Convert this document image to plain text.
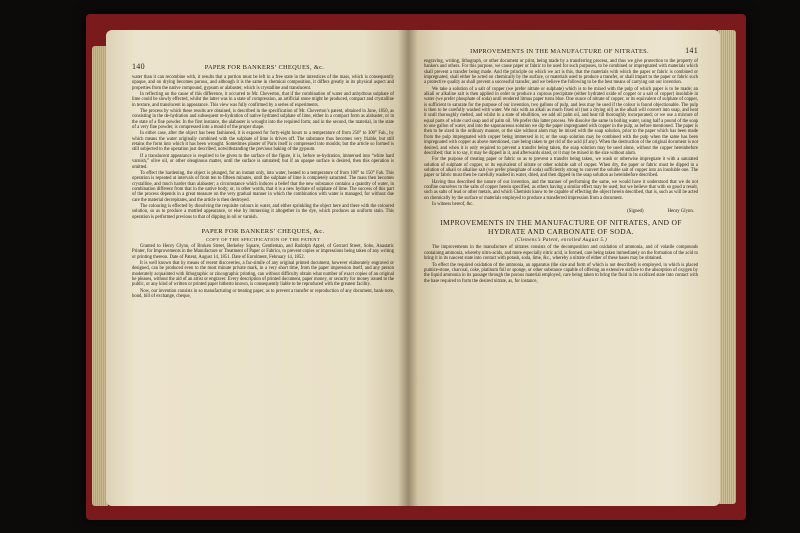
140	PAPER FOR BANKERS’ CHEQUES, &c.

water than it can recombine with, it results that a portion must be left in a free state in the interstices of the mass, which is consequently opaque, and on drying becomes porous, and although it is the same in chemical composition, it differs greatly in its physical aspect and properties from the native compound, gypsum or alabaster, which is crystalline and translucent.

In reflecting on the cause of this difference, it occurred to Mr. Cheverton, that if the combination of water and anhydrous sulphate of lime could be slowly effected, whilst the latter was in a state of compression, an artificial stone might be produced, compact and crystalline in texture, and translucent in appearance. This view was fully confirmed by a series of experiments.

The process by which these results are obtained, is described in the specification of Mr. Cheverton’s patent, obtained in June, 1850, as consisting in the de-hydration and subsequent re-hydration of native hydrated sulphate of lime, either in a compact form as alabaster, or in the state of a fine powder. In the first instance, the alabaster is wrought into the required form; and in the second, the material, in the state of a very fine powder, is compressed into a mould of the proper shape.

In either case, after the object has been fashioned, it is exposed for forty-eight hours to a temperature of from 250° to 300° Fah., by which means the water originally combined with the sulphate of lime is driven off. The substance thus becomes very friable, but still retains the form into which it has been wrought. Sometimes plaster of Paris itself is compressed into moulds; but the article so formed is still subjected to the operation just described, notwithstanding the previous baking of the gypsum.

If a translucent appearance is required to be given to the surface of the figure, it is, before re-hydration, immersed into “white hard varnish,” olive oil, or other oleaginous matter, until the surface is saturated; but if an opaque surface is desired, then this operation is omitted.

To effect the hardening, the object is plunged, for an instant only, into water, heated to a temperature of from 100° to 150° Fah. This operation is repeated at intervals of from ten to fifteen minutes, until the sulphate of lime is completely saturated. The mass then becomes crystalline, and much harder than alabaster; a circumstance which induces a belief that the new substance contains a quantity of water, in combination different from that in the native body; or, in other words, that it is a new hydrate of sulphate of lime. The success of this part of the process depends in a great measure on the very gradual manner in which the combination with water is managed, for without due care the material decrepitates, and the article is then destroyed.

The colouring is effected by dissolving the requisite colours in water, and either sprinkling the object here and there with the coloured solution, so as to produce a mottled appearance, or else by immersing it altogether in the dye, which produces an uniform stain. This operation is performed previous to that of dipping in oil or varnish.

PAPER FOR BANKERS’ CHEQUES, &c.
COPY OF THE SPECIFICATION OF THE PATENT

Granted to Henry Glynn, of Broken Street, Berkeley Square, Gentleman, and Rudolph Appel, of Gerrard Street, Soho, Anastatic Printer, for Improvements in the Manufacture or Treatment of Paper or Fabrics, to prevent copies or impressions being taken of any writing or printing thereon. Date of Patent, August 14, 1851. Date of Enrolment, February 14, 1852.

It is well known that by means of recent discoveries, a fac-simile of any original printed document, however elaborately engraved or designed, can be produced even to the most minute private mark, in a very short time, from the paper impression itself, and any person moderately acquainted with lithographic or zincographic printing, can without difficulty obtain what number of exact copies of an original he pleases, without the aid of an artist or engraver. Every description of printed document, paper money, or security for money issued to the public, or any kind of written or printed paper hitherto known, is consequently liable to be reproduced with the greatest facility.

Now, our invention consists in so manufacturing or treating paper, as to prevent a transfer or reproduction of any document, bank-note, bond, bill of exchange, cheque,

IMPROVEMENTS IN THE MANUFACTURE OF NITRATES.	141

engraving, writing, lithograph, or other document or print, being made by a transferring process, and thus we give protection to the property of bankers and others. For this purpose, we cause paper or fabric to be used for such purposes, to be combined or impregnated with materials which shall prevent a transfer being made. And the principle on which we act is this, that the materials with which the paper or fabric is combined or impregnated, shall either be acted on chemically by the surface, or materials used to produce a transfer, or shall impart to the paper or fabric such a protective quality as shall prevent a successful transfer, and we believe the following to be the best means of carrying out our invention.

We take a solution of a salt of copper (we prefer nitrate or sulphate) which is to be mixed with the pulp of which paper is to be made; an alkali or alkaline salt is then applied in order to produce a cuprous precipitate (either hydrated oxide of copper or a salt of copper) insoluble in water (we prefer phosphate of soda) until rendered litmus paper turns blue. One ounce of nitrate of copper, or its equivalent of sulphate of copper, is sufficient to saturate for the purpose of our invention, two gallons of pulp, and less may be used if the colour is found objectionable. The pulp is then to be carefully washed with water. We mix with an alkali as much fixed oil (not a drying oil) as the alkali will convert into soap, and heat it until thoroughly melted, and whilst in a state of ebullition, we add oil palm oil, and heat till thoroughly incorporated; or we use a mixture of equal parts of white curd soap and of palm oil. We prefer this latter process. We dissolve the same in boiling water, using half a pound of the soap to one gallon of water, and into the saponaceous solution we dip the paper impregnated with copper in the pulp, as before mentioned. The paper is then to be sized in the ordinary manner, or the size without alum may be mixed with the soap solution, prior to the paper which has been made from the pulp impregnated with copper being immersed in it; or the soap solution may be combined with the pulp when the same has been impregnated with copper as above mentioned, care being taken to get rid of the acid (if any). When the destruction of the original document is not desired, and when it is only required to prevent a transfer being taken, the soap solution may be used alone, without the copper hereinbefore described; that is to say, it may be dipped in it, and afterwards sized, or it may be mixed in the size without alum.

For the purpose of treating paper or fabric so as to prevent a transfer being taken, we wash or otherwise impregnate it with a saturated solution of sulphate of copper, or its equivalent of nitrate or other soluble salt of copper. When dry, the paper or fabric must be dipped in a solution of alkali or alkaline salt (we prefer phosphate of soda) sufficiently strong to convert the soluble salt of copper into an insoluble one. The paper or fabric must then be carefully washed in water, dried, and then dipped in the soap solution as hereinbefore described.

Having thus described the nature of our invention, and the manner of performing the same, we would have it understood that we do not confine ourselves to the salts of copper herein specified, as others having a similar effect may be used; but we believe that with so good a result, such as salts of lead or other metals, and which Chemists know to be capable of effecting the object herein described, that is, such as will be acted on chemically by the surface or materials employed to produce a transferred impression from a document.

In witness hereof, &c.

(Signed)	Henry Glynn.
IMPROVEMENTS IN THE MANUFACTURE OF NITRATES, AND OF HYDRATE AND CARBONATE OF SODA.
(Clemens’s Patent, enrolled August 5.)

The improvements in the manufacture of nitrates consists of the decomposition and oxidation of ammonia, and of volatile compounds containing ammonia, whereby nitro-acids, and more especially nitric acid, is formed, care being taken immediately on the formation of the acid to bring it in its nascent state into contact with potash, soda, lime, &c., whereby a nitrate of either of these bases may be obtained.

To effect the required oxidation of the ammonia, an apparatus (the size and form of which is not described) is employed, in which is placed pumice-stone, charcoal, coke, platinum foil or sponge, or other substance capable of offering an extensive surface to the absorption of oxygen by the liquid ammonia in its passage through the porous material employed, care being taken to bring the fluid in its oxidized state into contact with the base required to form the desired nitrate, as, for instance,
